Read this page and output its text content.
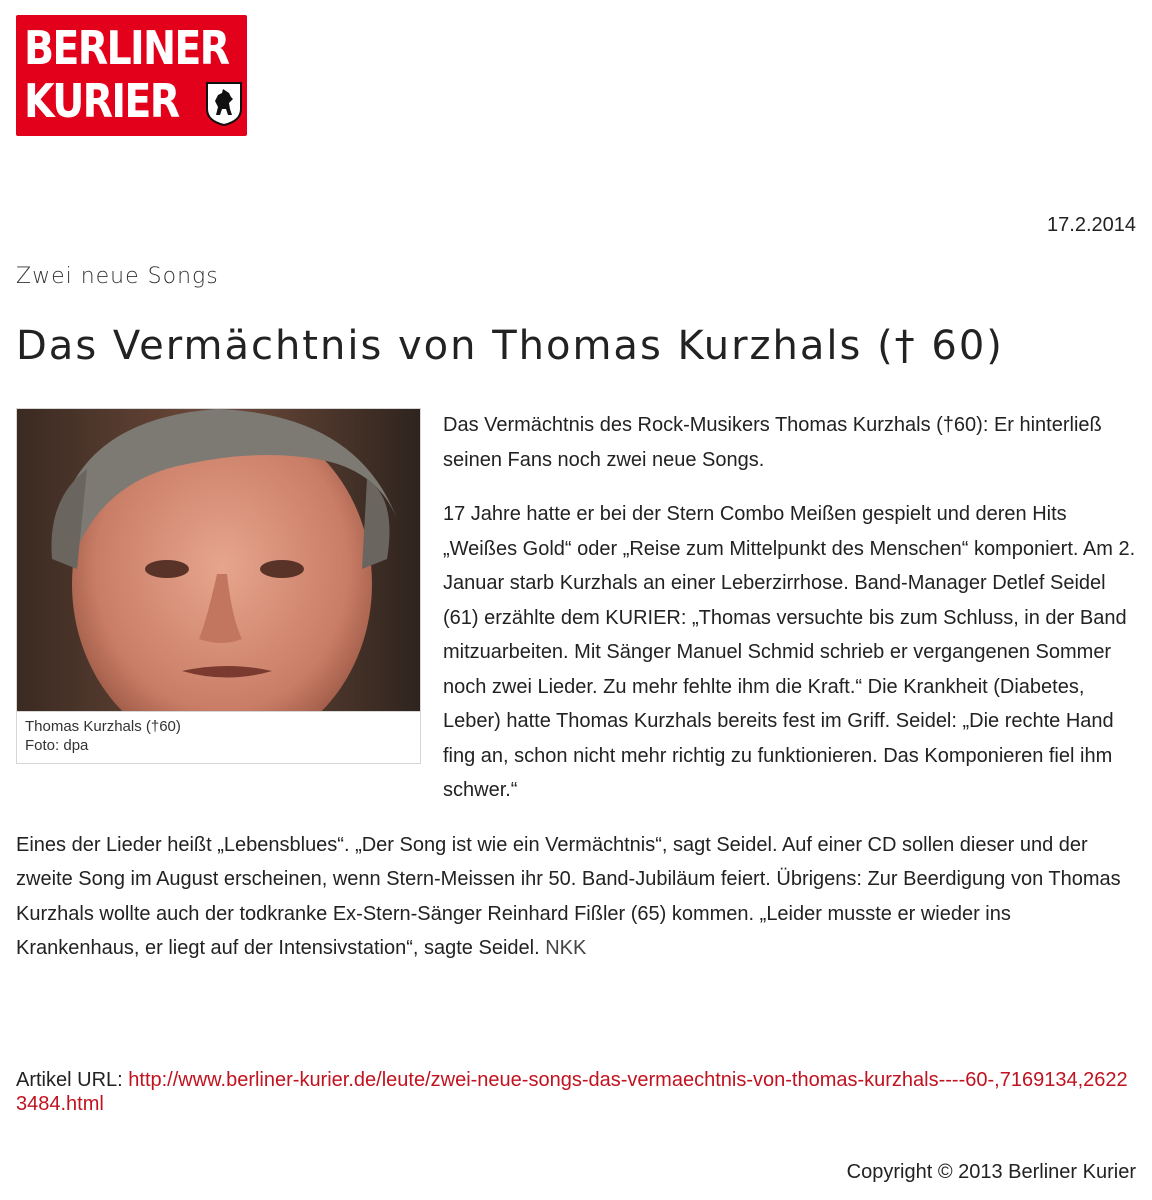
BERLINER
KURIER
17.2.2014
Zwei neue Songs
Das Vermächtnis von Thomas Kurzhals († 60)
Thomas Kurzhals (†60)
Foto: dpa

Das Vermächtnis des Rock-Musikers Thomas Kurzhals (†60): Er hinterließ seinen Fans noch zwei neue Songs.

17 Jahre hatte er bei der Stern Combo Meißen gespielt und deren Hits „Weißes Gold“ oder „Reise zum Mittelpunkt des Menschen“ komponiert. Am 2. Januar starb Kurzhals an einer Leberzirrhose. Band-Manager Detlef Seidel (61) erzählte dem KURIER: „Thomas versuchte bis zum Schluss, in der Band mitzuarbeiten. Mit Sänger Manuel Schmid schrieb er vergangenen Sommer noch zwei Lieder. Zu mehr fehlte ihm die Kraft.“ Die Krankheit (Diabetes, Leber) hatte Thomas Kurzhals bereits fest im Griff. Seidel: „Die rechte Hand fing an, schon nicht mehr richtig zu funktionieren. Das Komponieren fiel ihm schwer.“

Eines der Lieder heißt „Lebensblues“. „Der Song ist wie ein Vermächtnis“, sagt Seidel. Auf einer CD sollen dieser und der zweite Song im August erscheinen, wenn Stern-Meissen ihr 50. Band-Jubiläum feiert. Übrigens: Zur Beerdigung von Thomas Kurzhals wollte auch der todkranke Ex-Stern-Sänger Reinhard Fißler (65) kommen. „Leider musste er wieder ins Krankenhaus, er liegt auf der Intensivstation“, sagte Seidel. NKK

Artikel URL: http://www.berliner-kurier.de/leute/zwei-neue-songs-das-vermaechtnis-von-thomas-kurzhals----60-,7169134,26223484.html
Copyright © 2013 Berliner Kurier
